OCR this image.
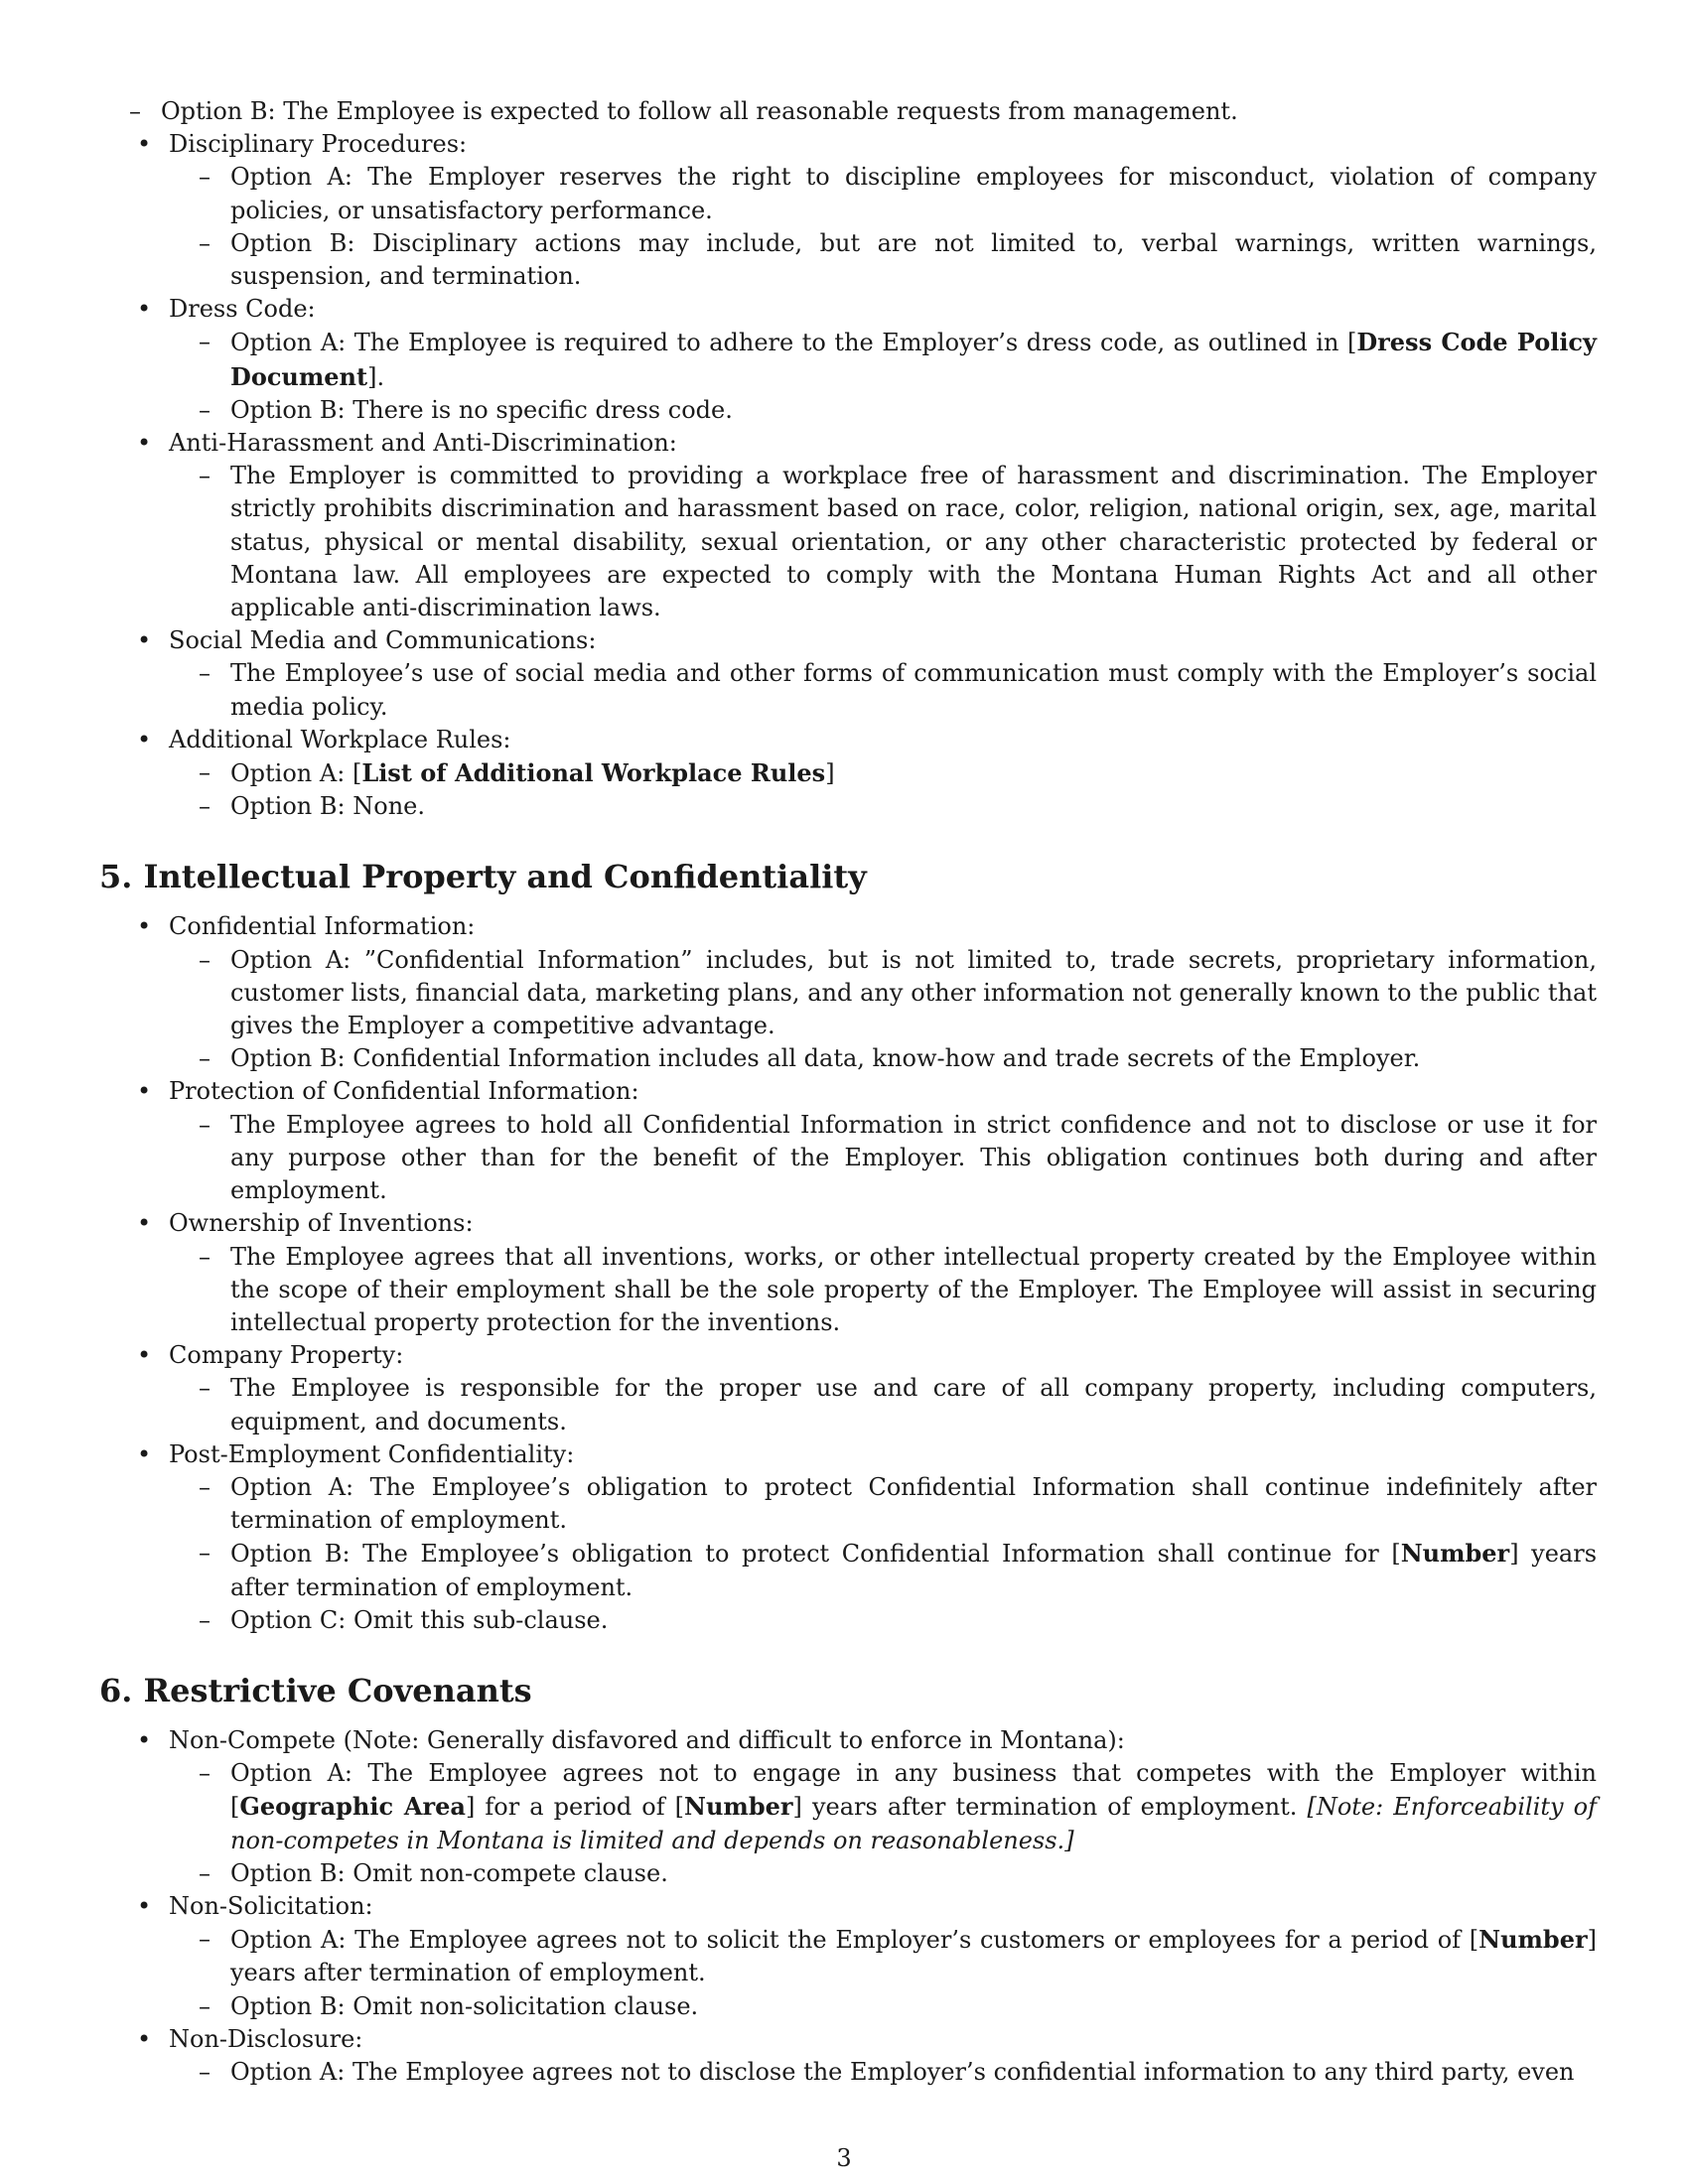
– Option B: The Employee is expected to follow all reasonable requests from management.
• Disciplinary Procedures:
– Option A: The Employer reserves the right to discipline employees for misconduct, violation of company policies, or unsatisfactory performance.
– Option B: Disciplinary actions may include, but are not limited to, verbal warnings, written warnings, suspension, and termination.
• Dress Code:
– Option A: The Employee is required to adhere to the Employer’s dress code, as outlined in [Dress Code Policy Document].
– Option B: There is no specific dress code.
• Anti-Harassment and Anti-Discrimination:
– The Employer is committed to providing a workplace free of harassment and discrimination. The Employer strictly prohibits discrimination and harassment based on race, color, religion, national origin, sex, age, marital status, physical or mental disability, sexual orientation, or any other characteristic protected by federal or Montana law. All employees are expected to comply with the Montana Human Rights Act and all other applicable anti-discrimination laws.
• Social Media and Communications:
– The Employee’s use of social media and other forms of communication must comply with the Employer’s social media policy.
• Additional Workplace Rules:
– Option A: [List of Additional Workplace Rules]
– Option B: None.
5. Intellectual Property and Confidentiality
• Confidential Information:
– Option A: ”Confidential Information” includes, but is not limited to, trade secrets, proprietary information, customer lists, financial data, marketing plans, and any other information not generally known to the public that gives the Employer a competitive advantage.
– Option B: Confidential Information includes all data, know-how and trade secrets of the Employer.
• Protection of Confidential Information:
– The Employee agrees to hold all Confidential Information in strict confidence and not to disclose or use it for any purpose other than for the benefit of the Employer. This obligation continues both during and after employment.
• Ownership of Inventions:
– The Employee agrees that all inventions, works, or other intellectual property created by the Employee within the scope of their employment shall be the sole property of the Employer. The Employee will assist in securing intellectual property protection for the inventions.
• Company Property:
– The Employee is responsible for the proper use and care of all company property, including computers, equipment, and documents.
• Post-Employment Confidentiality:
– Option A: The Employee’s obligation to protect Confidential Information shall continue indefinitely after termination of employment.
– Option B: The Employee’s obligation to protect Confidential Information shall continue for [Number] years after termination of employment.
– Option C: Omit this sub-clause.
6. Restrictive Covenants
• Non-Compete (Note: Generally disfavored and difficult to enforce in Montana):
– Option A: The Employee agrees not to engage in any business that competes with the Employer within [Geographic Area] for a period of [Number] years after termination of employment. [Note: Enforceability of non-competes in Montana is limited and depends on reasonableness.]
– Option B: Omit non-compete clause.
• Non-Solicitation:
– Option A: The Employee agrees not to solicit the Employer’s customers or employees for a period of [Number] years after termination of employment.
– Option B: Omit non-solicitation clause.
• Non-Disclosure:
– Option A: The Employee agrees not to disclose the Employer’s confidential information to any third party, even
3
